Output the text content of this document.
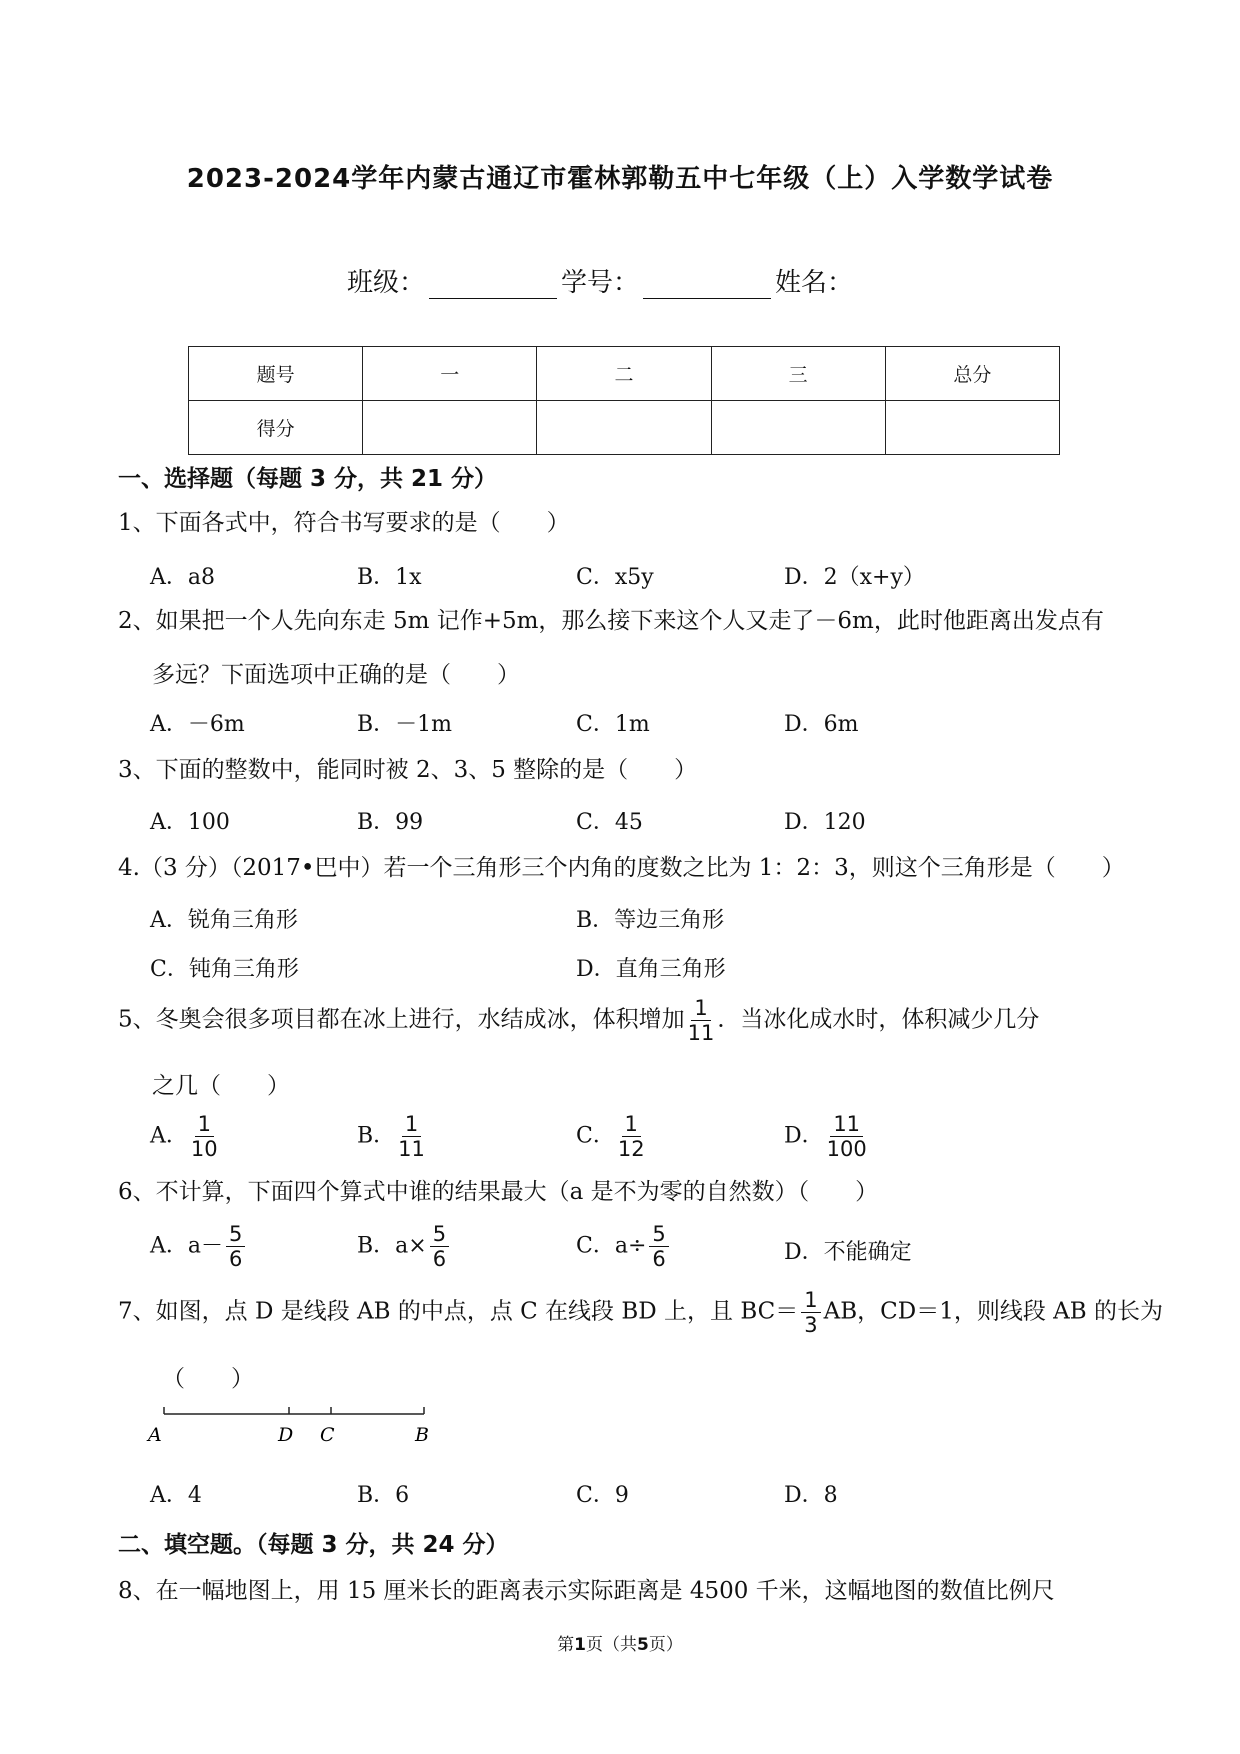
2023-2024学年内蒙古通辽市霍林郭勒五中七年级（上）入学数学试卷
班级：	学号：	姓名：
题号	一	二	三	总分
得分				
一、选择题（每题 3 分，共 21 分）
1、下面各式中，符合书写要求的是（　　）
A．a8	B．1x	C．x5y	D．2（x+y）
2、如果把一个人先向东走 5m 记作+5m，那么接下来这个人又走了－6m，此时他距离出发点有
多远？下面选项中正确的是（　　）
A．－6m	B．－1m	C．1m	D．6m
3、下面的整数中，能同时被 2、3、5 整除的是（　　）
A．100	B．99	C．45	D．120
4.（3 分）（2017•巴中）若一个三角形三个内角的度数之比为 1：2：3，则这个三角形是（　　）
A．锐角三角形	B．等边三角形
C．钝角三角形	D．直角三角形
5、冬奥会很多项目都在冰上进行，水结成冰，体积增加 $\frac{1}{11}$ ．当冰化成水时，体积减少几分
之几（　　）
A． $\frac{1}{10}$	B． $\frac{1}{11}$	C． $\frac{1}{12}$	D． $\frac{11}{100}$
6、不计算，下面四个算式中谁的结果最大（a 是不为零的自然数）（　　）
A．$a- \frac{5}{6}$	B．$a\times \frac{5}{6}$	C．$a\div \frac{5}{6}$	D．不能确定
7、如图，点 D 是线段 AB 的中点，点 C 在线段 BD 上，且 $BC= \frac{1}{3}$ AB，CD＝1，则线段 AB 的长为
（　　）
A	D C	B
A．4	B．6	C．9	D．8
二、填空题。（每题 3 分，共 24 分）
8、在一幅地图上，用 15 厘米长的距离表示实际距离是 4500 千米，这幅地图的数值比例尺
第1页（共5页）
